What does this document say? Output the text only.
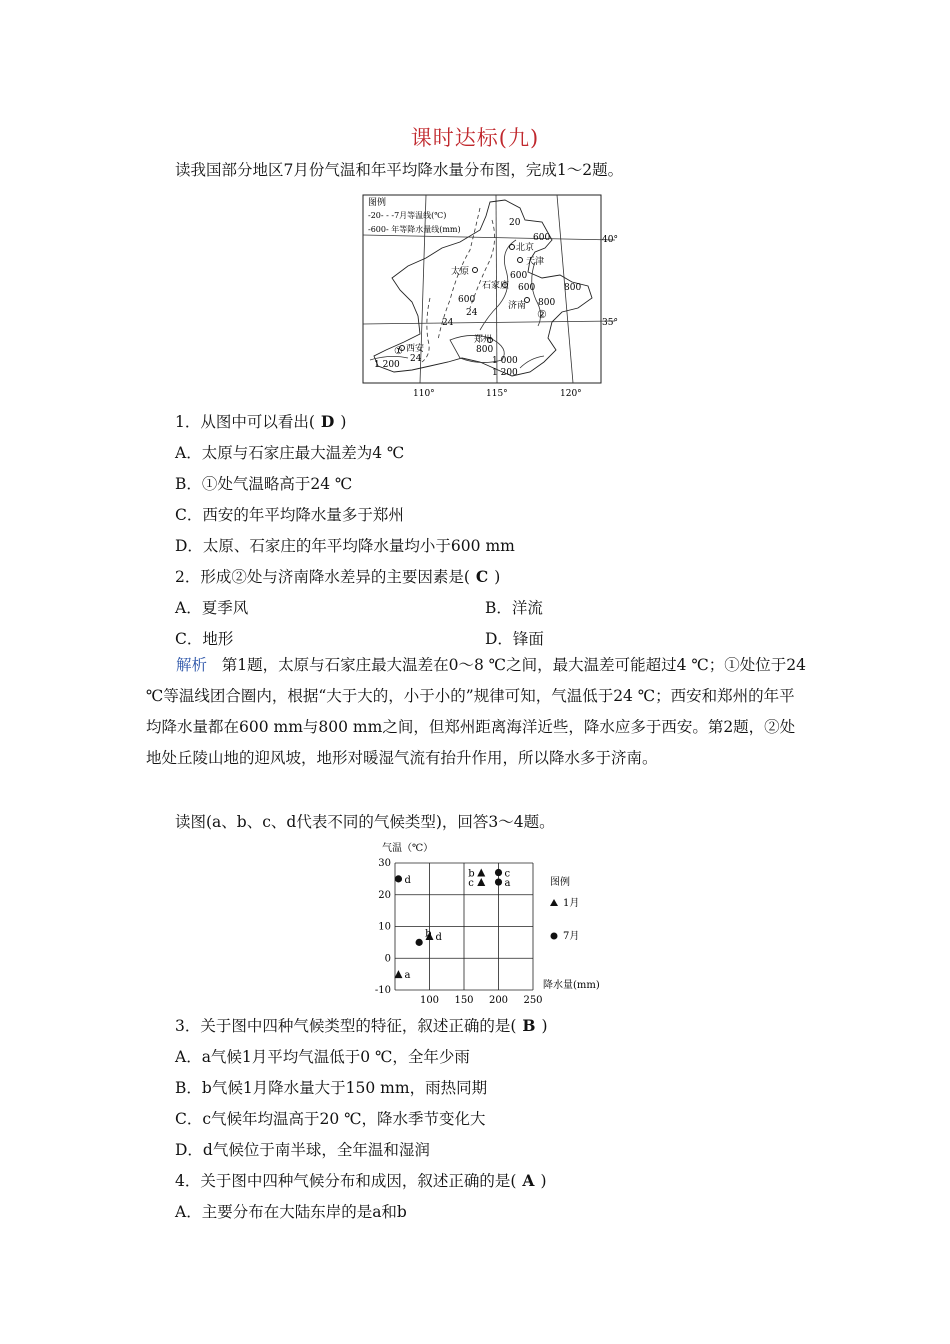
课时达标(九)
读我国部分地区7月份气温和年平均降水量分布图，完成1～2题。
图例
-20- - -7月等温线(℃)
-600- 年等降水量线(mm)
北京
天津
太原
石家庄
济南
郑州
西安
20
600
600
600
600	800
800
24
800
1 000
1 200
1 200
24
24
①
②
40°
35°
110°	115°	120°
1．从图中可以看出( D )
A．太原与石家庄最大温差为4 ℃
B．①处气温略高于24 ℃
C．西安的年平均降水量多于郑州
D．太原、石家庄的年平均降水量均小于600 mm
2．形成②处与济南降水差异的主要因素是( C )
A．夏季风	B．洋流
C．地形	D．锋面
解析 第1题，太原与石家庄最大温差在0～8 ℃之间，最大温差可能超过4 ℃；①处位于24 ℃等温线团合圈内，根据“大于大的，小于小的”规律可知，气温低于24 ℃；西安和郑州的年平均降水量都在600 mm与800 mm之间，但郑州距离海洋近些，降水应多于西安。第2题，②处地处丘陵山地的迎风坡，地形对暖湿气流有抬升作用，所以降水多于济南。
读图(a、b、c、d代表不同的气候类型)，回答3～4题。
-10
0
10
20
30
100 150 200 250
a
d
b
c
d
b
c
a
气温（℃）
降水量(mm)
图例
1月
7月
3．关于图中四种气候类型的特征，叙述正确的是( B )
A．a气候1月平均气温低于0 ℃，全年少雨
B．b气候1月降水量大于150 mm，雨热同期
C．c气候年均温高于20 ℃，降水季节变化大
D．d气候位于南半球，全年温和湿润
4．关于图中四种气候分布和成因，叙述正确的是( A )
A．主要分布在大陆东岸的是a和b
